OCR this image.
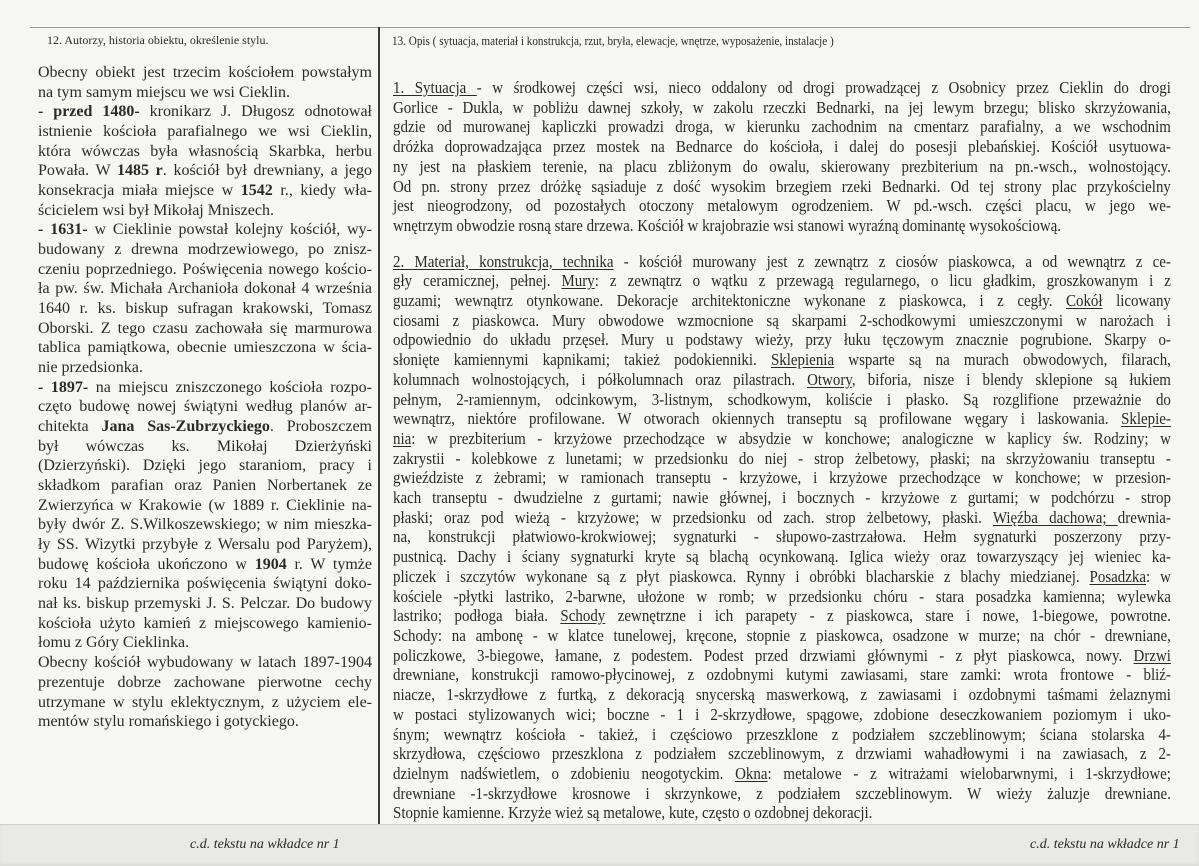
12. Autorzy, historia obiektu, określenie stylu.	13. Opis ( sytuacja, materiał i konstrukcja, rzut, bryła, elewacje, wnętrze, wyposażenie, instalacje )
Obecny obiekt jest trzecim kościołem powstałym
na tym samym miejscu we wsi Cieklin.
- przed 1480- kronikarz J. Długosz odnotował
istnienie kościoła parafialnego we wsi Cieklin,
która wówczas była własnością Skarbka, herbu
Powała. W 1485 r. kościół był drewniany, a jego
konsekracja miała miejsce w 1542 r., kiedy wła-
ścicielem wsi był Mikołaj Mniszech.
- 1631- w Cieklinie powstał kolejny kościół, wy-
budowany z drewna modrzewiowego, po znisz-
czeniu poprzedniego. Poświęcenia nowego kościo-
ła pw. św. Michała Archanioła dokonał 4 września
1640 r. ks. biskup sufragan krakowski, Tomasz
Oborski. Z tego czasu zachowała się marmurowa
tablica pamiątkowa, obecnie umieszczona w ścia-
nie przedsionka.
- 1897- na miejscu zniszczonego kościoła rozpo-
częto budowę nowej świątyni według planów ar-
chitekta Jana Sas-Zubrzyckiego. Proboszczem
był wówczas ks. Mikołaj Dzierżyński
(Dzierzyński). Dzięki jego staraniom, pracy i
składkom parafian oraz Panien Norbertanek ze
Zwierzyńca w Krakowie (w 1889 r. Cieklinie na-
były dwór Z. S.Wilkoszewskiego; w nim mieszka-
ły SS. Wizytki przybyłe z Wersalu pod Paryżem),
budowę kościoła ukończono w 1904 r. W tymże
roku 14 października poświęcenia świątyni doko-
nał ks. biskup przemyski J. S. Pelczar. Do budowy
kościoła użyto kamień z miejscowego kamienio-
łomu z Góry Cieklinka.
Obecny kościół wybudowany w latach 1897-1904
prezentuje dobrze zachowane pierwotne cechy
utrzymane w stylu eklektycznym, z użyciem ele-
mentów stylu romańskiego i gotyckiego.
1. Sytuacja - w środkowej części wsi, nieco oddalony od drogi prowadzącej z Osobnicy przez Cieklin do drogi
Gorlice - Dukla, w pobliżu dawnej szkoły, w zakolu rzeczki Bednarki, na jej lewym brzegu; blisko skrzyżowania,
gdzie od murowanej kapliczki prowadzi droga, w kierunku zachodnim na cmentarz parafialny, a we wschodnim
dróżka doprowadzająca przez mostek na Bednarce do kościoła, i dalej do posesji plebańskiej. Kościół usytuowa-
ny jest na płaskiem terenie, na placu zbliżonym do owalu, skierowany prezbiterium na pn.-wsch., wolnostojący.
Od pn. strony przez dróżkę sąsiaduje z dość wysokim brzegiem rzeki Bednarki. Od tej strony plac przykościelny
jest nieogrodzony, od pozostałych otoczony metalowym ogrodzeniem. W pd.-wsch. części placu, w jego we-
wnętrzym obwodzie rosną stare drzewa. Kościół w krajobrazie wsi stanowi wyraźną dominantę wysokościową.
2. Materiał, konstrukcja, technika - kościół murowany jest z zewnątrz z ciosów piaskowca, a od wewnątrz z ce-
gły ceramicznej, pełnej. Mury: z zewnątrz o wątku z przewagą regularnego, o licu gładkim, groszkowanym i z
guzami; wewnątrz otynkowane. Dekoracje architektoniczne wykonane z piaskowca, i z cegły. Cokół licowany
ciosami z piaskowca. Mury obwodowe wzmocnione są skarpami 2-schodkowymi umieszczonymi w narożach i
odpowiednio do układu przęseł. Mury u podstawy wieży, przy łuku tęczowym znacznie pogrubione. Skarpy o-
słonięte kamiennymi kapnikami; takież podokienniki. Sklepienia wsparte są na murach obwodowych, filarach,
kolumnach wolnostojących, i półkolumnach oraz pilastrach. Otwory, biforia, nisze i blendy sklepione są łukiem
pełnym, 2-ramiennym, odcinkowym, 3-listnym, schodkowym, koliście i płasko. Są rozglifione przeważnie do
wewnątrz, niektóre profilowane. W otworach okiennych transeptu są profilowane węgary i laskowania. Sklepie-
nia: w prezbiterium - krzyżowe przechodzące w absydzie w konchowe; analogiczne w kaplicy św. Rodziny; w
zakrystii - kolebkowe z lunetami; w przedsionku do niej - strop żelbetowy, płaski; na skrzyżowaniu transeptu -
gwieździste z żebrami; w ramionach transeptu - krzyżowe, i krzyżowe przechodzące w konchowe; w przesion-
kach transeptu - dwudzielne z gurtami; nawie głównej, i bocznych - krzyżowe z gurtami; w podchórzu - strop
płaski; oraz pod wieżą - krzyżowe; w przedsionku od zach. strop żelbetowy, płaski. Więźba dachowa; drewnia-
na, konstrukcji płatwiowo-krokwiowej; sygnaturki - słupowo-zastrzałowa. Hełm sygnaturki poszerzony przy-
pustnicą. Dachy i ściany sygnaturki kryte są blachą ocynkowaną. Iglica wieży oraz towarzyszący jej wieniec ka-
pliczek i szczytów wykonane są z płyt piaskowca. Rynny i obróbki blacharskie z blachy miedzianej. Posadzka: w
kościele -płytki lastriko, 2-barwne, ułożone w romb; w przedsionku chóru - stara posadzka kamienna; wylewka
lastriko; podłoga biała. Schody zewnętrzne i ich parapety - z piaskowca, stare i nowe, 1-biegowe, powrotne.
Schody: na ambonę - w klatce tunelowej, kręcone, stopnie z piaskowca, osadzone w murze; na chór - drewniane,
policzkowe, 3-biegowe, łamane, z podestem. Podest przed drzwiami głównymi - z płyt piaskowca, nowy. Drzwi
drewniane, konstrukcji ramowo-płycinowej, z ozdobnymi kutymi zawiasami, stare zamki: wrota frontowe - bliź-
niacze, 1-skrzydłowe z furtką, z dekoracją snycerską maswerkową, z zawiasami i ozdobnymi taśmami żelaznymi
w postaci stylizowanych wici; boczne - 1 i 2-skrzydłowe, spągowe, zdobione deseczkowaniem poziomym i uko-
śnym; wewnątrz kościoła - takież, i częściowo przeszklone z podziałem szczeblinowym; ściana stolarska 4-
skrzydłowa, częściowo przeszklona z podziałem szczeblinowym, z drzwiami wahadłowymi i na zawiasach, z 2-
dzielnym nadświetlem, o zdobieniu neogotyckim. Okna: metalowe - z witrażami wielobarwnymi, i 1-skrzydłowe;
drewniane -1-skrzydłowe krosnowe i skrzynkowe, z podziałem szczeblinowym. W wieży żaluzje drewniane.
Stopnie kamienne. Krzyże wież są metalowe, kute, często o ozdobnej dekoracji.
c.d. tekstu na wkładce nr 1	c.d. tekstu na wkładce nr 1
